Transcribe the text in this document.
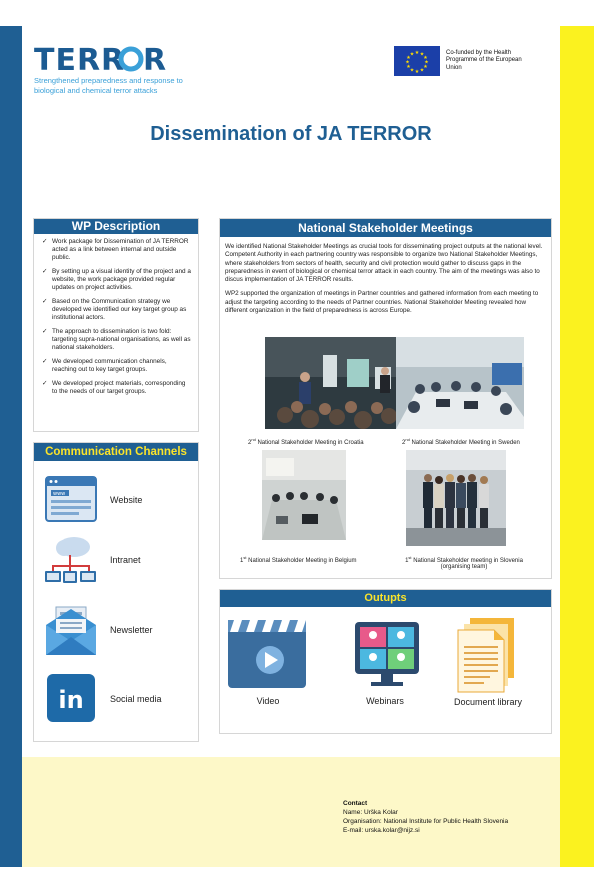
TERR R
Strengthened preparedness and response to biological and chemical terror attacks
★ ★
★
★
★
★
★
★
★
★
★
★	Co-funded by the Health Programme of the European Union
Dissemination of JA TERROR
WP Description
✓ Work package for Dissemination of JA TERROR acted as a link between internal and outside public.
✓ By setting up a visual identity of the project and a website, the work package provided regular updates on project activities.
✓ Based on the Communication strategy we developed we identified our key target group as institutional actors.
✓ The approach to dissemination is two fold: targeting supra-national organisations, as well as national stakeholders.
✓ We developed communication channels, reaching out to key target groups.
✓ We developed project materials, corresponding to the needs of our target groups.
Communication Channels
www
Website
Intranet
Newsletter
in	Social media
National Stakeholder Meetings

We identified National Stakeholder Meetings as crucial tools for disseminating project outputs at the national level. Competent Authority in each partnering country was responsible to organize two National Stakeholder Meetings, where stakeholders from sectors of health, security and civil protection would gather to discuss gaps in the preparedness in event of biological or chemical terror attack in each country. The aim of the meetings was also to discus implementation of JA TERROR results.

WP2 supported the organization of meetings in Partner countries and gathered information from each meeting to adjust the targeting according to the needs of Partner countries. National Stakeholder Meeting revealed how different organization in the field of preparedness is across Europe.

2nd National Stakeholder Meeting in Croatia	2nd National Stakeholder Meeting in Sweden
1st National Stakeholder Meeting in Belgium	1st National Stakeholder meeting in Slovenia
(organising team)
Outupts
Video	Webinars	Document library
Contact
Name: Urška Kolar
Organisation: National Institute for Public Health Slovenia
E-mail: urska.kolar@nijz.si
